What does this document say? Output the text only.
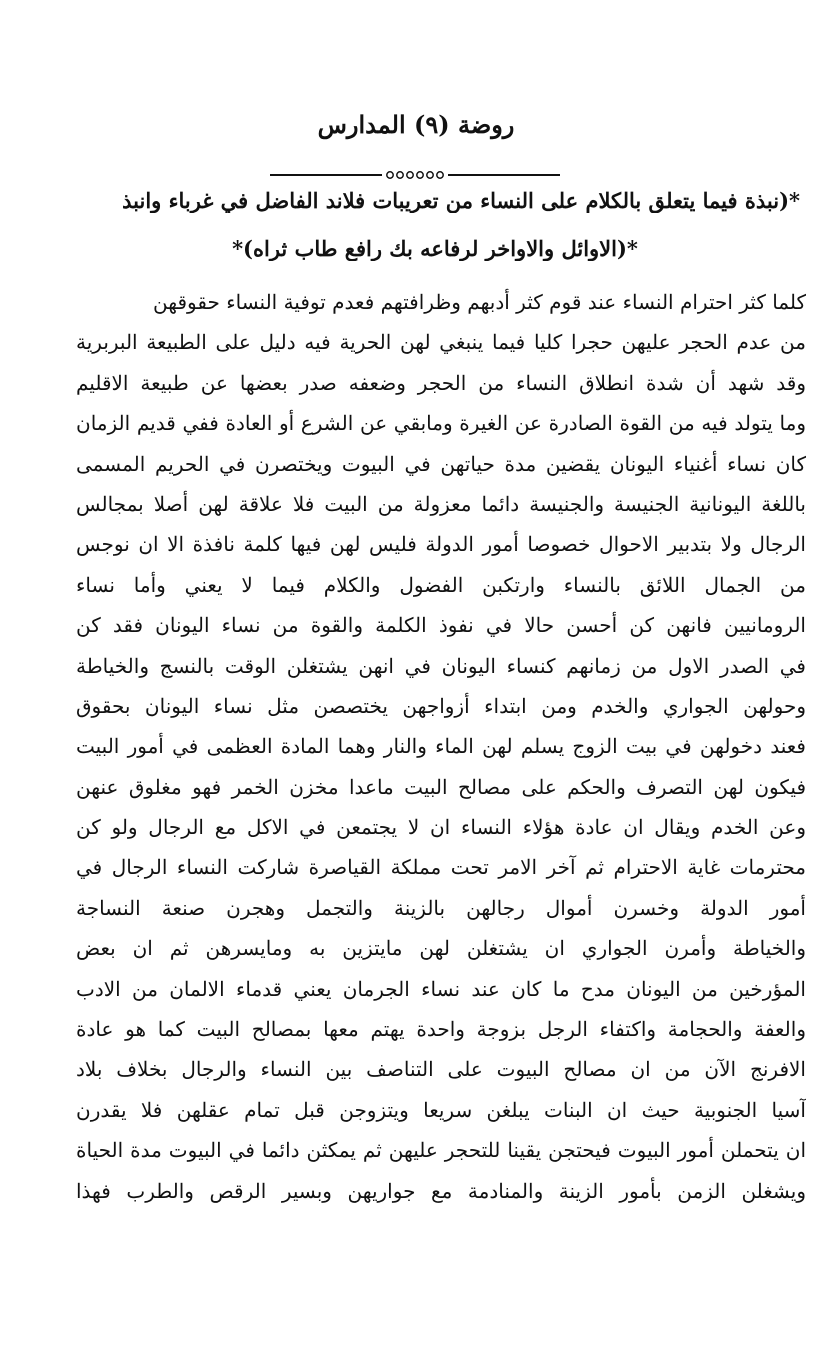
روضة (٩) المدارس
*(نبذة فيما يتعلق بالكلام على النساء من تعريبات فلاند الفاضل في غرباء وانبذ
*(الاوائل والاواخر لرفاعه بك رافع طاب ثراه)*
كلما كثر احترام النساء عند قوم كثر أدبهم وظرافتهم فعدم توفية النساء حقوقهن
من عدم الحجر عليهن حجرا كليا فيما ينبغي لهن الحرية فيه دليل على الطبيعة البربرية
وقد شهد أن شدة انطلاق النساء من الحجر وضعفه صدر بعضها عن طبيعة الاقليم
وما يتولد فيه من القوة الصادرة عن الغيرة ومابقي عن الشرع أو العادة ففي قديم الزمان
كان نساء أغنياء اليونان يقضين مدة حياتهن في البيوت ويختصرن في الحريم المسمى
باللغة اليونانية الجنيسة والجنيسة دائما معزولة من البيت فلا علاقة لهن أصلا بمجالس
الرجال ولا بتدبير الاحوال خصوصا أمور الدولة فليس لهن فيها كلمة نافذة الا ان نوجس
من الجمال اللائق بالنساء وارتكبن الفضول والكلام فيما لا يعني وأما نساء
الرومانيين فانهن كن أحسن حالا في نفوذ الكلمة والقوة من نساء اليونان فقد كن
في الصدر الاول من زمانهم كنساء اليونان في انهن يشتغلن الوقت بالنسج والخياطة
وحولهن الجواري والخدم ومن ابتداء أزواجهن يختصصن مثل نساء اليونان بحقوق
فعند دخولهن في بيت الزوج يسلم لهن الماء والنار وهما المادة العظمى في أمور البيت
فيكون لهن التصرف والحكم على مصالح البيت ماعدا مخزن الخمر فهو مغلوق عنهن
وعن الخدم ويقال ان عادة هؤلاء النساء ان لا يجتمعن في الاكل مع الرجال ولو كن
محترمات غاية الاحترام ثم آخر الامر تحت مملكة القياصرة شاركت النساء الرجال في
أمور الدولة وخسرن أموال رجالهن بالزينة والتجمل وهجرن صنعة النساجة
والخياطة وأمرن الجواري ان يشتغلن لهن مايتزين به ومايسرهن ثم ان بعض
المؤرخين من اليونان مدح ما كان عند نساء الجرمان يعني قدماء الالمان من الادب
والعفة والحجامة واكتفاء الرجل بزوجة واحدة يهتم معها بمصالح البيت كما هو عادة
الافرنج الآن من ان مصالح البيوت على التناصف بين النساء والرجال بخلاف بلاد
آسيا الجنوبية حيث ان البنات يبلغن سريعا ويتزوجن قبل تمام عقلهن فلا يقدرن
ان يتحملن أمور البيوت فيحتجن يقينا للتحجر عليهن ثم يمكثن دائما في البيوت مدة الحياة
ويشغلن الزمن بأمور الزينة والمنادمة مع جواريهن وبسير الرقص والطرب فهذا
